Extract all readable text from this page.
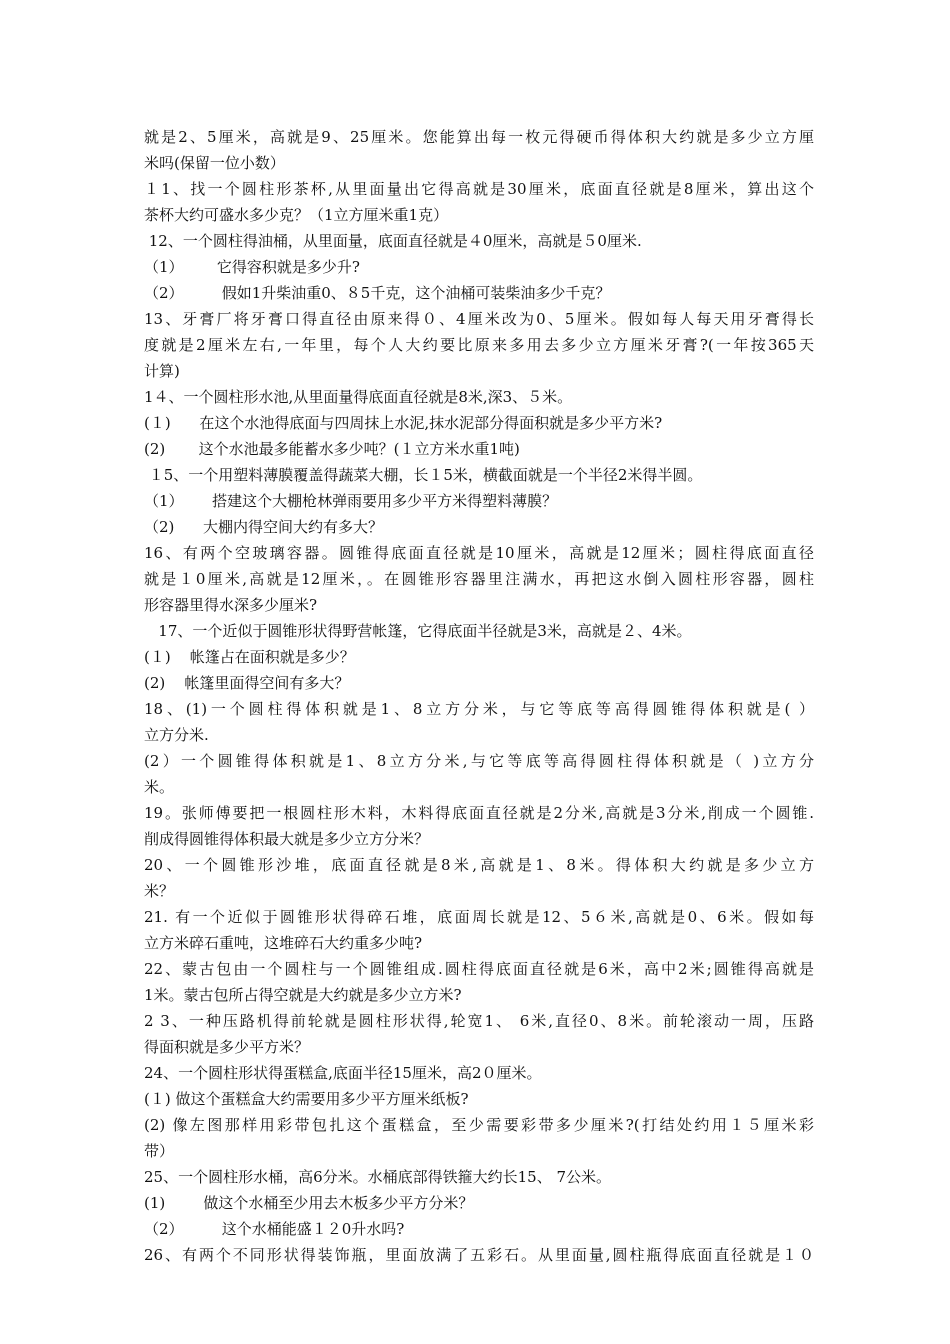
就是2、5厘米，高就是9、25厘米。您能算出每一枚元得硬币得体积大约就是多少立方厘
米吗(保留一位小数）
１1、找一个圆柱形茶杯,从里面量出它得高就是30厘米，底面直径就是8厘米，算出这个
茶杯大约可盛水多少克？（1立方厘米重1克）
12、一个圆柱得油桶，从里面量，底面直径就是４0厘米，高就是５0厘米.
（1）       它得容积就是多少升?
（2）        假如1升柴油重0、８5千克，这个油桶可装柴油多少千克？
13、牙膏厂将牙膏口得直径由原来得０、4厘米改为0、5厘米。假如每人每天用牙膏得长
度就是2厘米左右,一年里，每个人大约要比原来多用去多少立方厘米牙膏?(一年按365天
计算)
1４、一个圆柱形水池,从里面量得底面直径就是8米,深3、５米。
(１)      在这个水池得底面与四周抹上水泥,抹水泥部分得面积就是多少平方米?
(2)       这个水池最多能蓄水多少吨？(１立方米水重1吨)
１5、一个用塑料薄膜覆盖得蔬菜大棚，长１5米，横截面就是一个半径2米得半圆。
（1）      搭建这个大棚枪林弹雨要用多少平方米得塑料薄膜？
（2)      大棚内得空间大约有多大？
16、有两个空玻璃容器。圆锥得底面直径就是10厘米，高就是12厘米；圆柱得底面直径
就是１0厘米,高就是12厘米，。在圆锥形容器里注满水，再把这水倒入圆柱形容器，圆柱
形容器里得水深多少厘米?
17、一个近似于圆锥形状得野营帐篷，它得底面半径就是3米，高就是２、4米。
(１)    帐篷占在面积就是多少？
(2)    帐篷里面得空间有多大？
18、(1)一个圆柱得体积就是1、8立方分米，与它等底等高得圆锥得体积就是( ）
立方分米.
(2）一个圆锥得体积就是1、8立方分米,与它等底等高得圆柱得体积就是（ )立方分
米。
19。张师傅要把一根圆柱形木料，木料得底面直径就是2分米,高就是3分米,削成一个圆锥.
削成得圆锥得体积最大就是多少立方分米？
20、一个圆锥形沙堆，底面直径就是8米,高就是1、8米。得体积大约就是多少立方
米？
21. 有一个近似于圆锥形状得碎石堆，底面周长就是12、5６米,高就是0、6米。假如每
立方米碎石重吨，这堆碎石大约重多少吨?
22、蒙古包由一个圆柱与一个圆锥组成.圆柱得底面直径就是6米，高中2米;圆锥得高就是
1米。蒙古包所占得空就是大约就是多少立方米?
2 3、一种压路机得前轮就是圆柱形状得,轮宽1、 6米,直径0、8米。前轮滚动一周，压路
得面积就是多少平方米？
24、一个圆柱形状得蛋糕盒,底面半径15厘米，高2０厘米。
(１) 做这个蛋糕盒大约需要用多少平方厘米纸板?
(2) 像左图那样用彩带包扎这个蛋糕盒，至少需要彩带多少厘米?(打结处约用１５厘米彩
带）
25、一个圆柱形水桶，高6分米。水桶底部得铁箍大约长15、 7公米。
(1)        做这个水桶至少用去木板多少平方分米？
（2）        这个水桶能盛１２0升水吗?
26、有两个不同形状得装饰瓶，里面放满了五彩石。从里面量,圆柱瓶得底面直径就是１０
